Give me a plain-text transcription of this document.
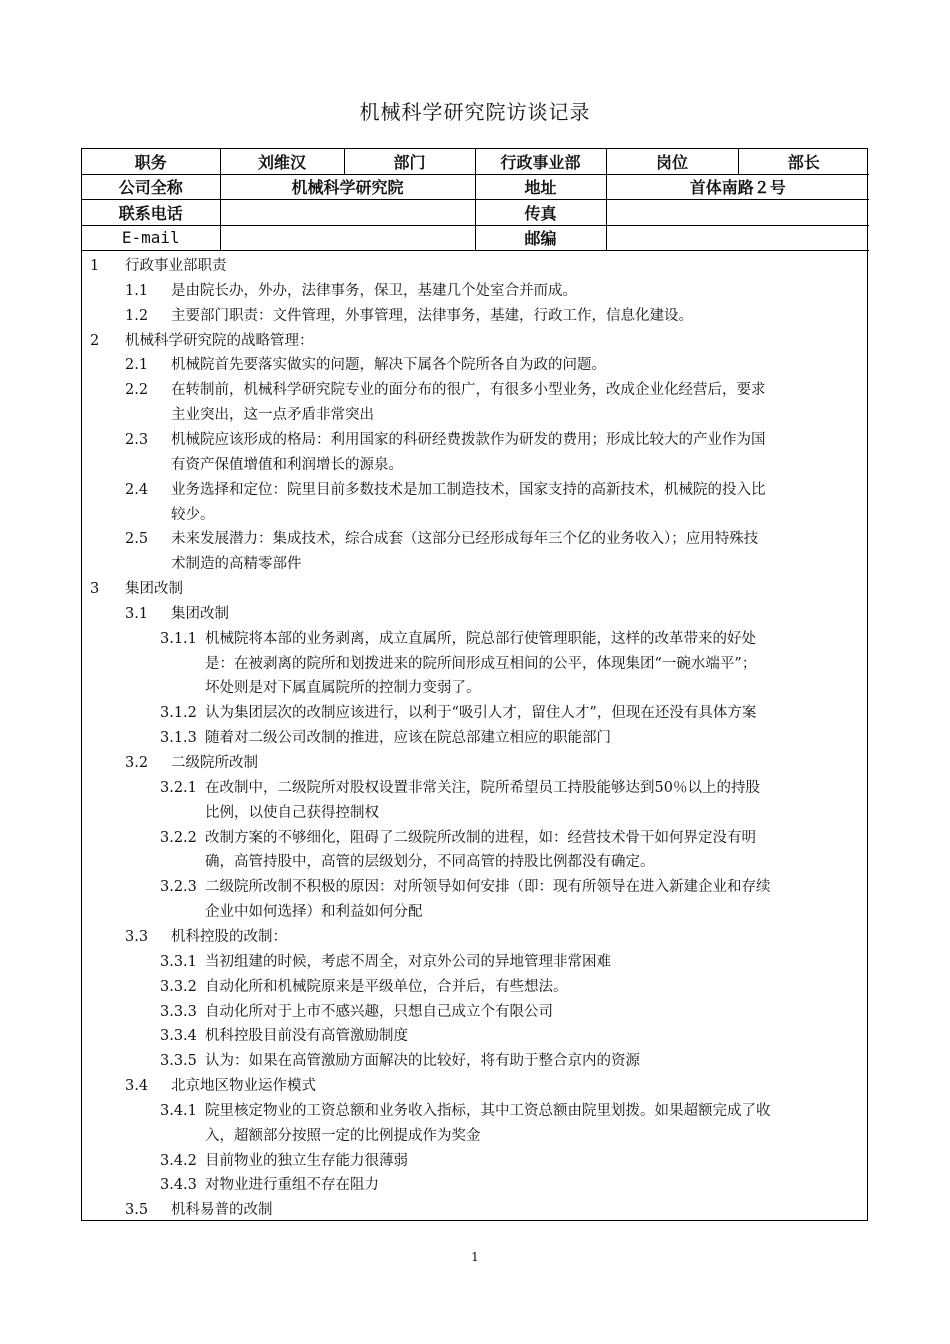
机械科学研究院访谈记录
职务	刘维汉	部门	行政事业部	岗位	部长
公司全称	机械科学研究院		地址	首体南路２号	
联系电话			传真		
E-mail			邮编		
1 行政事业部职责
1.1 是由院长办，外办，法律事务，保卫，基建几个处室合并而成。
1.2 主要部门职责：文件管理，外事管理，法律事务，基建，行政工作，信息化建设。
2 机械科学研究院的战略管理：
2.1 机械院首先要落实做实的问题，解决下属各个院所各自为政的问题。
2.2 在转制前，机械科学研究院专业的面分布的很广，有很多小型业务，改成企业化经营后，要求
主业突出，这一点矛盾非常突出
2.3 机械院应该形成的格局：利用国家的科研经费拨款作为研发的费用；形成比较大的产业作为国
有资产保值增值和利润增长的源泉。
2.4 业务选择和定位：院里目前多数技术是加工制造技术，国家支持的高新技术，机械院的投入比
较少。
2.5 未来发展潜力：集成技术，综合成套（这部分已经形成每年三个亿的业务收入）；应用特殊技
术制造的高精零部件
3 集团改制
3.1 集团改制
3.1.1 机械院将本部的业务剥离，成立直属所，院总部行使管理职能，这样的改革带来的好处
是：在被剥离的院所和划拨进来的院所间形成互相间的公平，体现集团“一碗水端平”；
坏处则是对下属直属院所的控制力变弱了。
3.1.2 认为集团层次的改制应该进行，以利于“吸引人才，留住人才”，但现在还没有具体方案
3.1.3 随着对二级公司改制的推进，应该在院总部建立相应的职能部门
3.2 二级院所改制
3.2.1 在改制中，二级院所对股权设置非常关注，院所希望员工持股能够达到50％以上的持股
比例，以使自己获得控制权
3.2.2 改制方案的不够细化，阻碍了二级院所改制的进程，如：经营技术骨干如何界定没有明
确，高管持股中，高管的层级划分，不同高管的持股比例都没有确定。
3.2.3 二级院所改制不积极的原因：对所领导如何安排（即：现有所领导在进入新建企业和存续
企业中如何选择）和利益如何分配
3.3 机科控股的改制：
3.3.1 当初组建的时候，考虑不周全，对京外公司的异地管理非常困难
3.3.2 自动化所和机械院原来是平级单位，合并后，有些想法。
3.3.3 自动化所对于上市不感兴趣，只想自己成立个有限公司
3.3.4 机科控股目前没有高管激励制度
3.3.5 认为：如果在高管激励方面解决的比较好，将有助于整合京内的资源
3.4 北京地区物业运作模式
3.4.1 院里核定物业的工资总额和业务收入指标，其中工资总额由院里划拨。如果超额完成了收
入，超额部分按照一定的比例提成作为奖金
3.4.2 目前物业的独立生存能力很薄弱
3.4.3 对物业进行重组不存在阻力
3.5 机科易普的改制
1
